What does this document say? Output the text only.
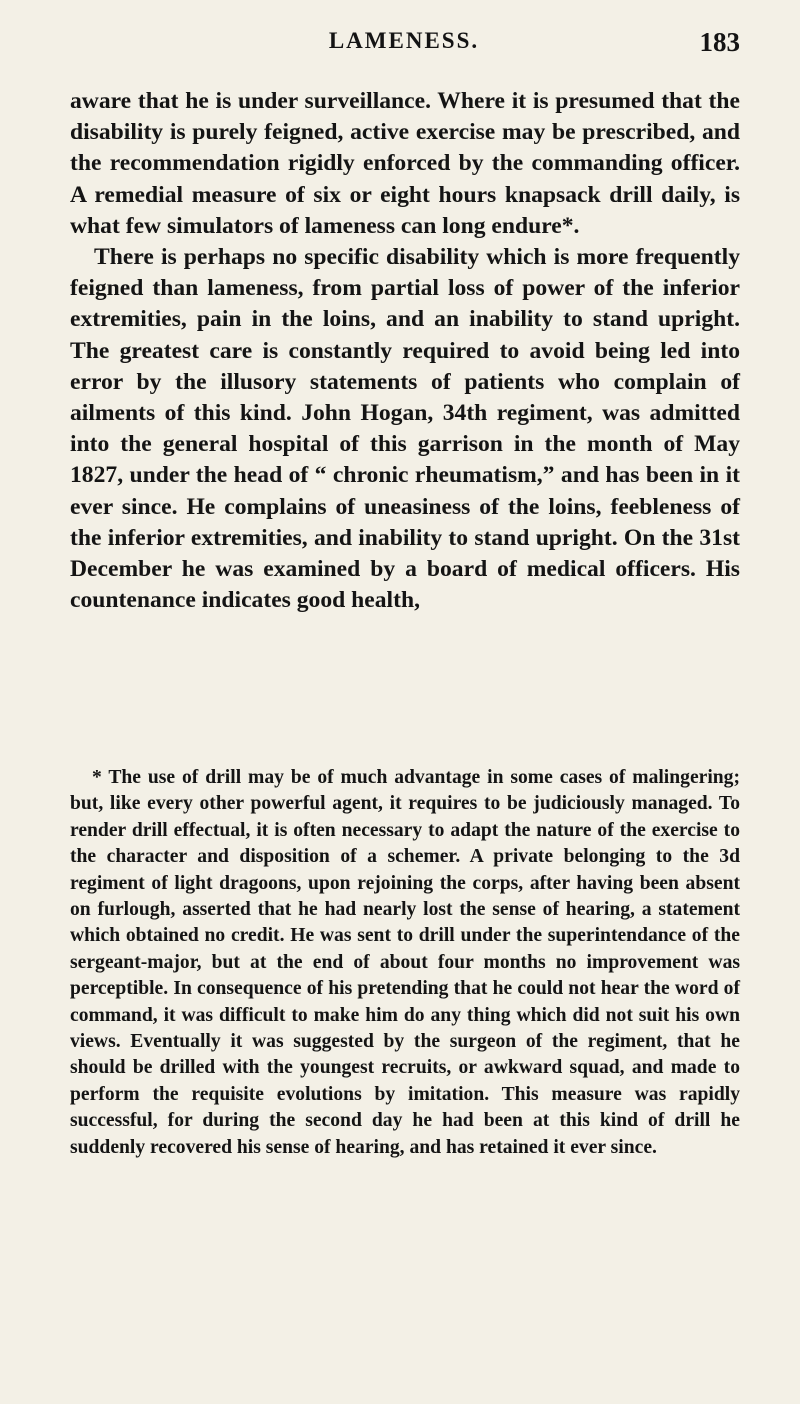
LAMENESS.	183

aware that he is under surveillance. Where it is presumed that the disability is purely feigned, active exercise may be prescribed, and the recommendation rigidly enforced by the commanding officer. A remedial measure of six or eight hours knapsack drill daily, is what few simulators of lameness can long endure*.

There is perhaps no specific disability which is more frequently feigned than lameness, from partial loss of power of the inferior extremities, pain in the loins, and an inability to stand upright. The greatest care is constantly required to avoid being led into error by the illusory statements of patients who complain of ailments of this kind. John Hogan, 34th regiment, was admitted into the general hospital of this garrison in the month of May 1827, under the head of “ chronic rheumatism,” and has been in it ever since. He complains of uneasiness of the loins, feebleness of the inferior extremities, and inability to stand upright. On the 31st December he was examined by a board of medical officers. His countenance indicates good health,

* The use of drill may be of much advantage in some cases of malingering; but, like every other powerful agent, it requires to be judiciously managed. To render drill effectual, it is often necessary to adapt the nature of the exercise to the character and disposition of a schemer. A private belonging to the 3d regiment of light dragoons, upon rejoining the corps, after having been absent on furlough, asserted that he had nearly lost the sense of hearing, a statement which obtained no credit. He was sent to drill under the superintendance of the sergeant-major, but at the end of about four months no improvement was perceptible. In consequence of his pretending that he could not hear the word of command, it was difficult to make him do any thing which did not suit his own views. Eventually it was suggested by the surgeon of the regiment, that he should be drilled with the youngest recruits, or awkward squad, and made to perform the requisite evolutions by imitation. This measure was rapidly successful, for during the second day he had been at this kind of drill he suddenly recovered his sense of hearing, and has retained it ever since.
